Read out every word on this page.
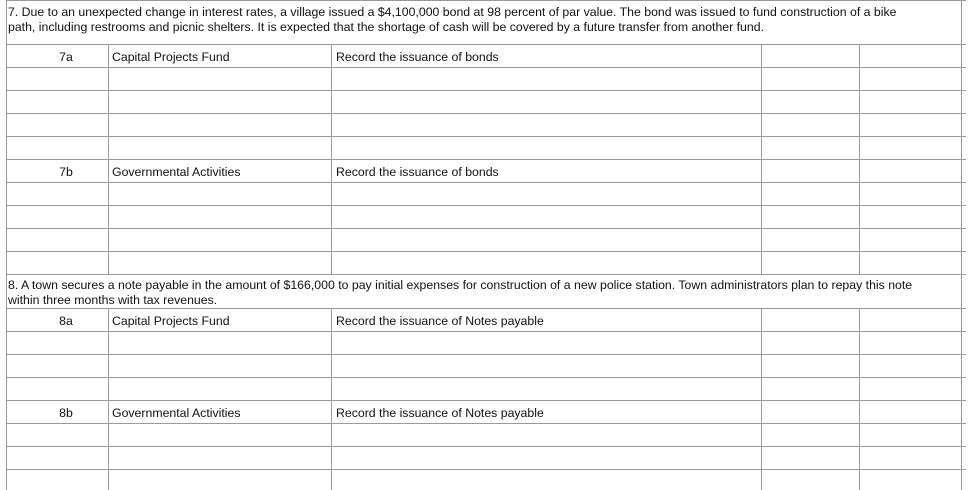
7. Due to an unexpected change in interest rates, a village issued a $4,100,000 bond at 98 percent of par value. The bond was issued to fund construction of a bike path, including restrooms and picnic shelters. It is expected that the shortage of cash will be covered by a future transfer from another fund.
7a	Capital Projects Fund	Record the issuance of bonds
7b	Governmental Activities	Record the issuance of bonds
8. A town secures a note payable in the amount of $166,000 to pay initial expenses for construction of a new police station. Town administrators plan to repay this note within three months with tax revenues.
8a	Capital Projects Fund	Record the issuance of Notes payable
8b	Governmental Activities	Record the issuance of Notes payable
